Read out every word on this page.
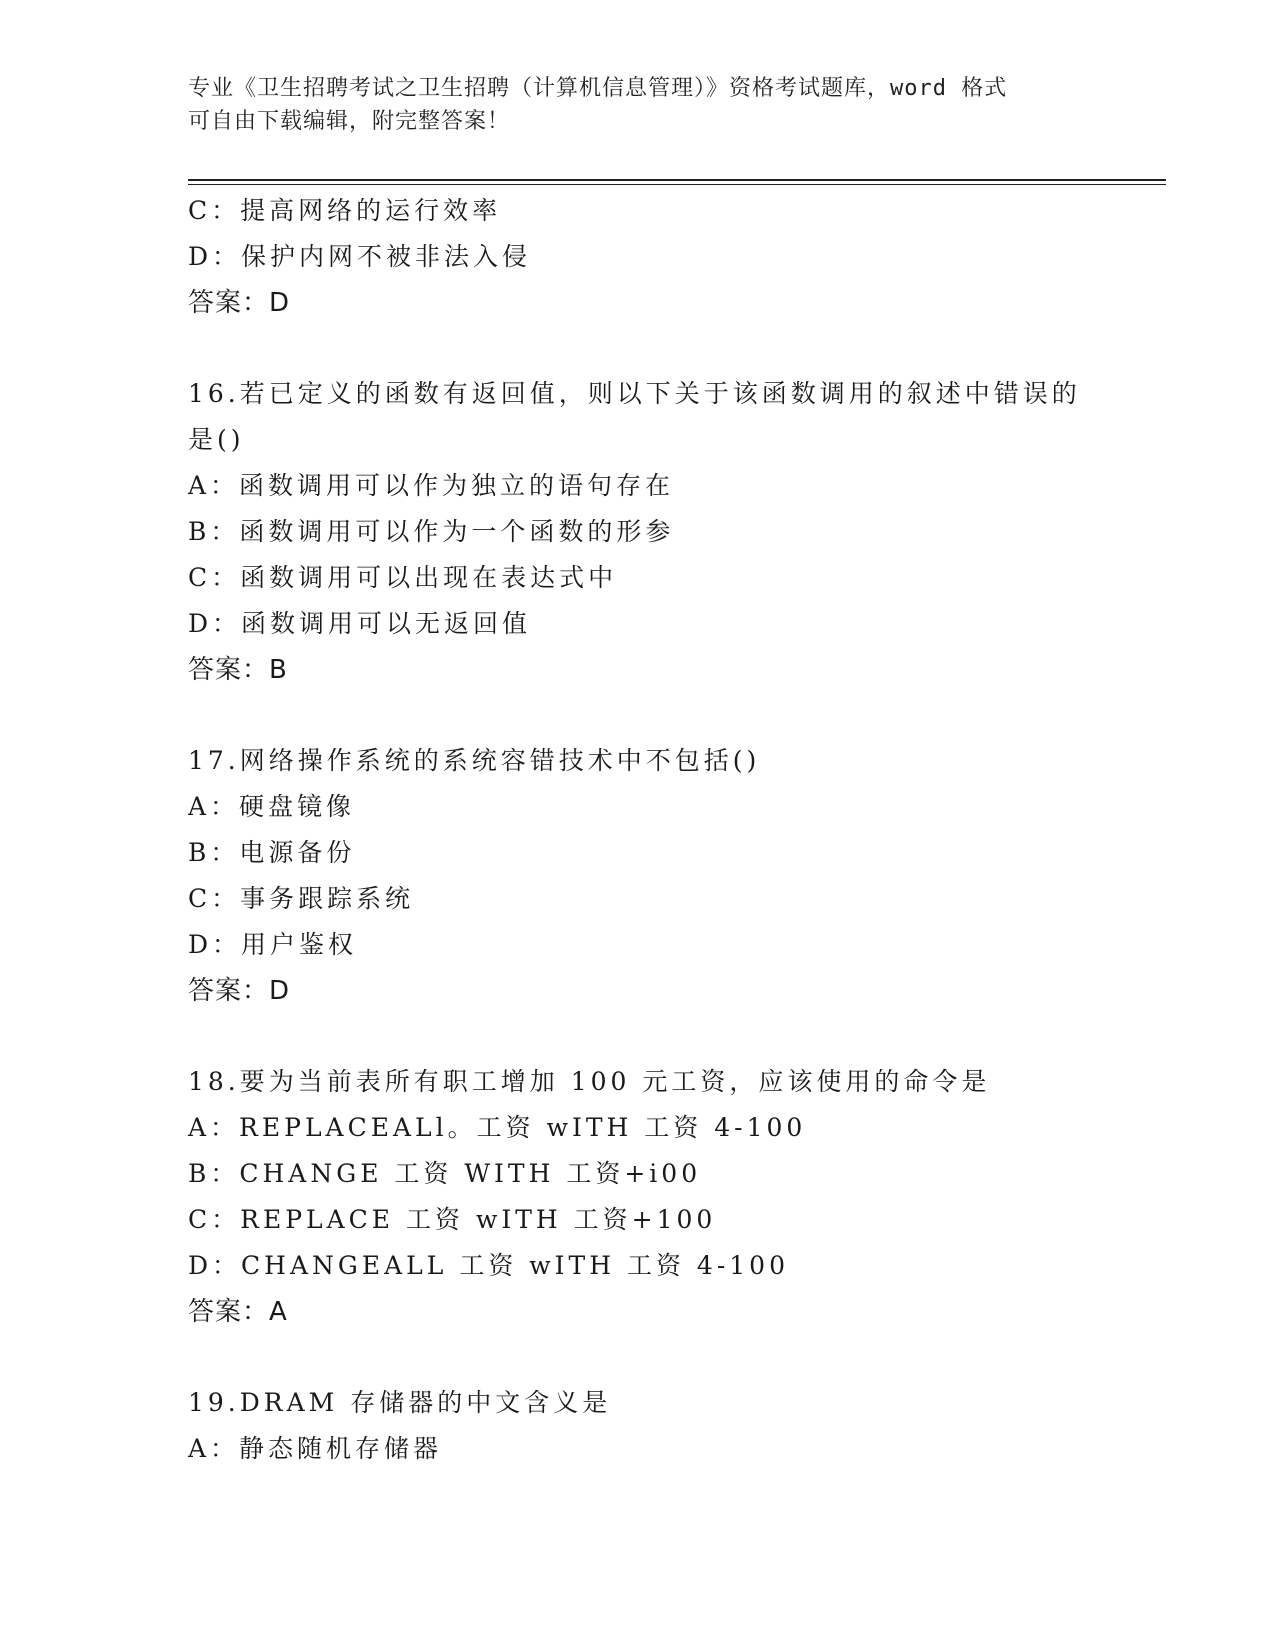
专业《卫生招聘考试之卫生招聘（计算机信息管理）》资格考试题库，word 格式
可自由下载编辑，附完整答案！
C：提高网络的运行效率
D：保护内网不被非法入侵
答案：D
16.若已定义的函数有返回值，则以下关于该函数调用的叙述中错误的
是()
A：函数调用可以作为独立的语句存在
B：函数调用可以作为一个函数的形参
C：函数调用可以出现在表达式中
D：函数调用可以无返回值
答案：B
17.网络操作系统的系统容错技术中不包括()
A：硬盘镜像
B：电源备份
C：事务跟踪系统
D：用户鉴权
答案：D
18.要为当前表所有职工增加 100 元工资，应该使用的命令是
A：REPLACEALl。工资 wITH 工资 4-100
B：CHANGE 工资 WITH 工资+i00
C：REPLACE 工资 wITH 工资+100
D：CHANGEALL 工资 wITH 工资 4-100
答案：A
19.DRAM 存储器的中文含义是
A：静态随机存储器
